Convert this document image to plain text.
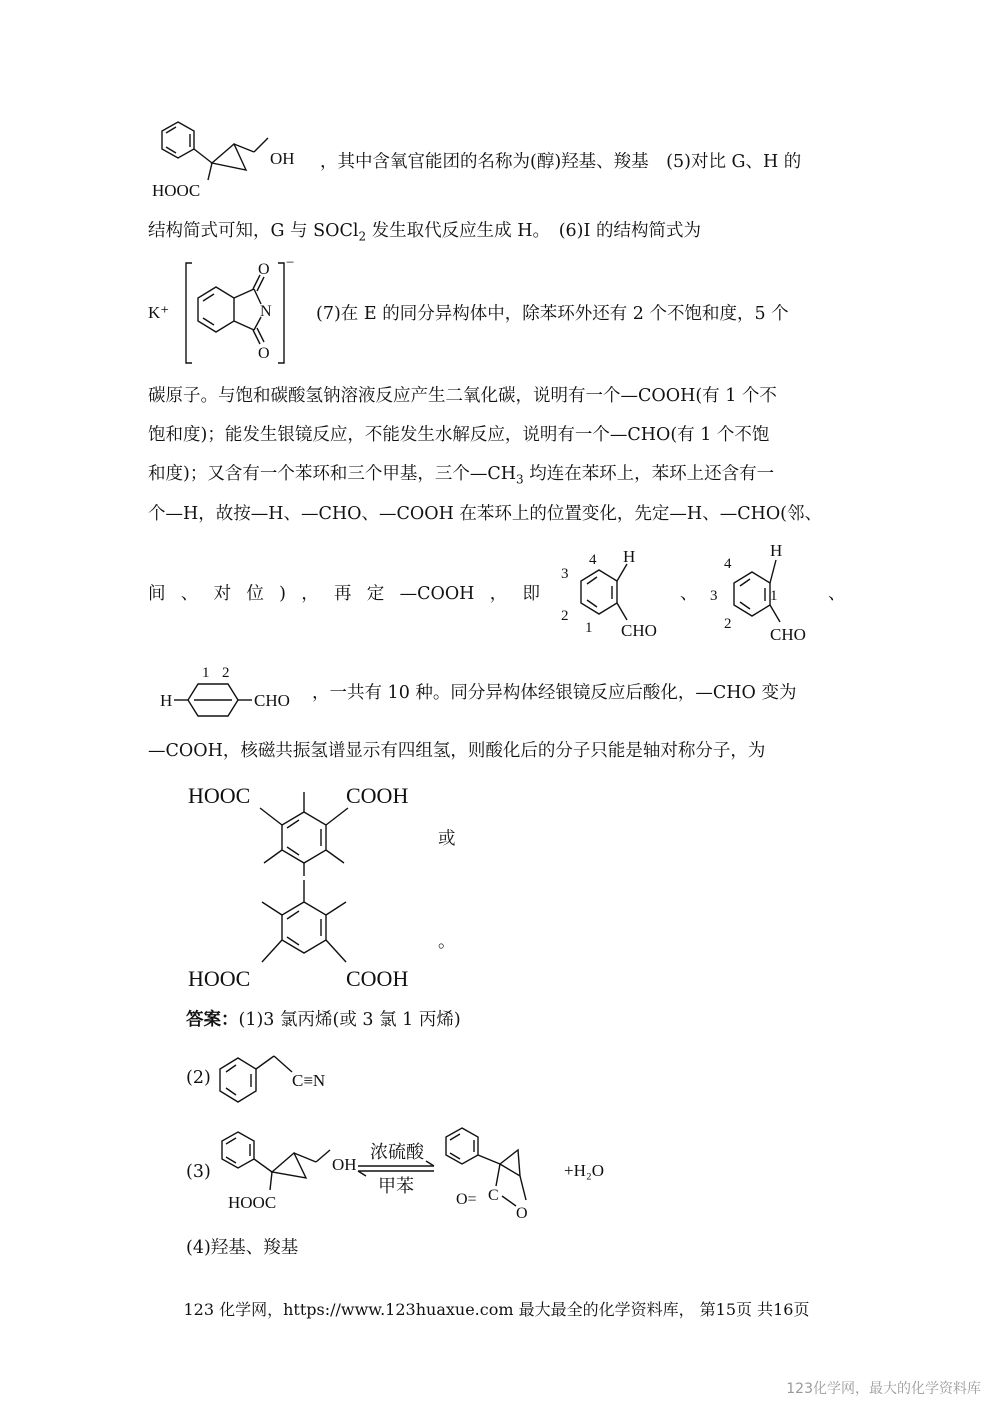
OH
HOOC
，其中含氧官能团的名称为(醇)羟基、羧基　(5)对比 G、H 的
结构简式可知，G 与 SOCl$_2$ 发生取代反应生成 H。　(6)I 的结构简式为
K⁺
−
O
N
O
(7)在 E 的同分异构体中，除苯环外还有 2 个不饱和度，5 个
碳原子。与饱和碳酸氢钠溶液反应产生二氧化碳，说明有一个—COOH(有 1 个不
饱和度)；能发生银镜反应，不能发生水解反应，说明有一个—CHO(有 1 个不饱
和度)；又含有一个苯环和三个甲基，三个$—CH_3$ 均连在苯环上，苯环上还含有一
个—H，故按—H、—CHO、—COOH 在苯环上的位置变化，先定—H、—CHO(邻、
间 、 对 位 ) ， 再 定 —COOH ， 即
H
CHO
4
3
2
1
、
H
CHO
4
3
2
1	、
H	CHO
1 2
，一共有 10 种。同分异构体经银镜反应后酸化，—CHO 变为
—COOH，核磁共振氢谱显示有四组氢，则酸化后的分子只能是轴对称分子，为
HOOC	COOH
或
HOOC	COOH
。
答案：(1)3 氯丙烯(或 3 氯 1 丙烯)
(2)	C≡N
(3)	OH
HOOC
浓硫酸
甲苯
O= C
O
+H₂O
(4)羟基、羧基
123 化学网，https://www.123huaxue.com 最大最全的化学资料库， 第15页 共16页
123化学网，最大的化学资料库
